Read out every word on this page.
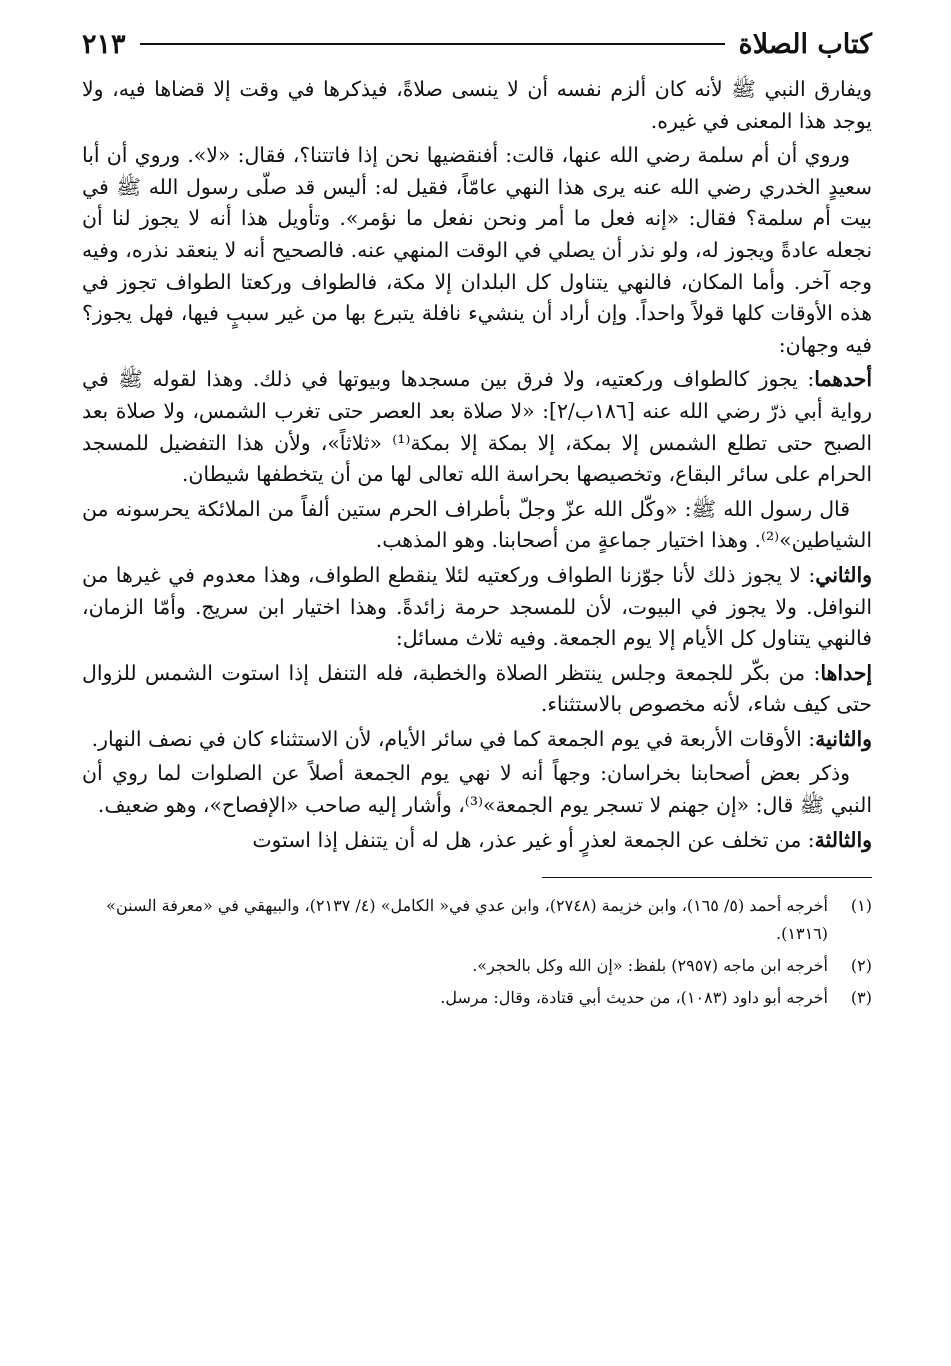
كتاب الصلاة
٢١٣

ويفارق النبي ﷺ لأنه كان ألزم نفسه أن لا ينسى صلاةً، فيذكرها في وقت إلا قضاها فيه، ولا يوجد هذا المعنى في غيره.

وروي أن أم سلمة رضي الله عنها، قالت: أفنقضيها نحن إذا فاتتنا؟، فقال: «لا». وروي أن أبا سعيدٍ الخدري رضي الله عنه يرى هذا النهي عامّاً، فقيل له: أليس قد صلّى رسول الله ﷺ في بيت أم سلمة؟ فقال: «إنه فعل ما أمر ونحن نفعل ما نؤمر». وتأويل هذا أنه لا يجوز لنا أن نجعله عادةً ويجوز له، ولو نذر أن يصلي في الوقت المنهي عنه. فالصحيح أنه لا ينعقد نذره، وفيه وجه آخر. وأما المكان، فالنهي يتناول كل البلدان إلا مكة، فالطواف وركعتا الطواف تجوز في هذه الأوقات كلها قولاً واحداً. وإن أراد أن ينشيء نافلة يتبرع بها من غير سببٍ فيها، فهل يجوز؟ فيه وجهان:

أحدهما: يجوز كالطواف وركعتيه، ولا فرق بين مسجدها وبيوتها في ذلك. وهذا لقوله ﷺ في رواية أبي ذرّ رضي الله عنه [١٨٦ب/٢]: «لا صلاة بعد العصر حتى تغرب الشمس، ولا صلاة بعد الصبح حتى تطلع الشمس إلا بمكة، إلا بمكة إلا بمكة⁽¹⁾ «ثلاثاً»، ولأن هذا التفضيل للمسجد الحرام على سائر البقاع، وتخصيصها بحراسة الله تعالى لها من أن يتخطفها شيطان.

قال رسول الله ﷺ: «وكّل الله عزّ وجلّ بأطراف الحرم ستين ألفاً من الملائكة يحرسونه من الشياطين»⁽²⁾. وهذا اختيار جماعةٍ من أصحابنا. وهو المذهب.

والثاني: لا يجوز ذلك لأنا جوّزنا الطواف وركعتيه لئلا ينقطع الطواف، وهذا معدوم في غيرها من النوافل. ولا يجوز في البيوت، لأن للمسجد حرمة زائدةً. وهذا اختيار ابن سريج. وأمّا الزمان، فالنهي يتناول كل الأيام إلا يوم الجمعة. وفيه ثلاث مسائل:

إحداها: من بكّر للجمعة وجلس ينتظر الصلاة والخطبة، فله التنفل إذا استوت الشمس للزوال حتى كيف شاء، لأنه مخصوص بالاستثناء.

والثانية: الأوقات الأربعة في يوم الجمعة كما في سائر الأيام، لأن الاستثناء كان في نصف النهار.

وذكر بعض أصحابنا بخراسان: وجهاً أنه لا نهي يوم الجمعة أصلاً عن الصلوات لما روي أن النبي ﷺ قال: «إن جهنم لا تسجر يوم الجمعة»⁽³⁾، وأشار إليه صاحب «الإفصاح»، وهو ضعيف.

والثالثة: من تخلف عن الجمعة لعذرٍ أو غير عذر، هل له أن يتنفل إذا استوت

(١)
أخرجه أحمد (٥/ ١٦٥)، وابن خزيمة (٢٧٤٨)، وابن عدي في« الكامل» (٤/ ٢١٣٧)، والبيهقي في «معرفة السنن» (١٣١٦).
(٢)
أخرجه ابن ماجه (٢٩٥٧) بلفظ: «إن الله وكل بالحجر».
(٣)
أخرجه أبو داود (١٠٨٣)، من حديث أبي قتادة، وقال: مرسل.
